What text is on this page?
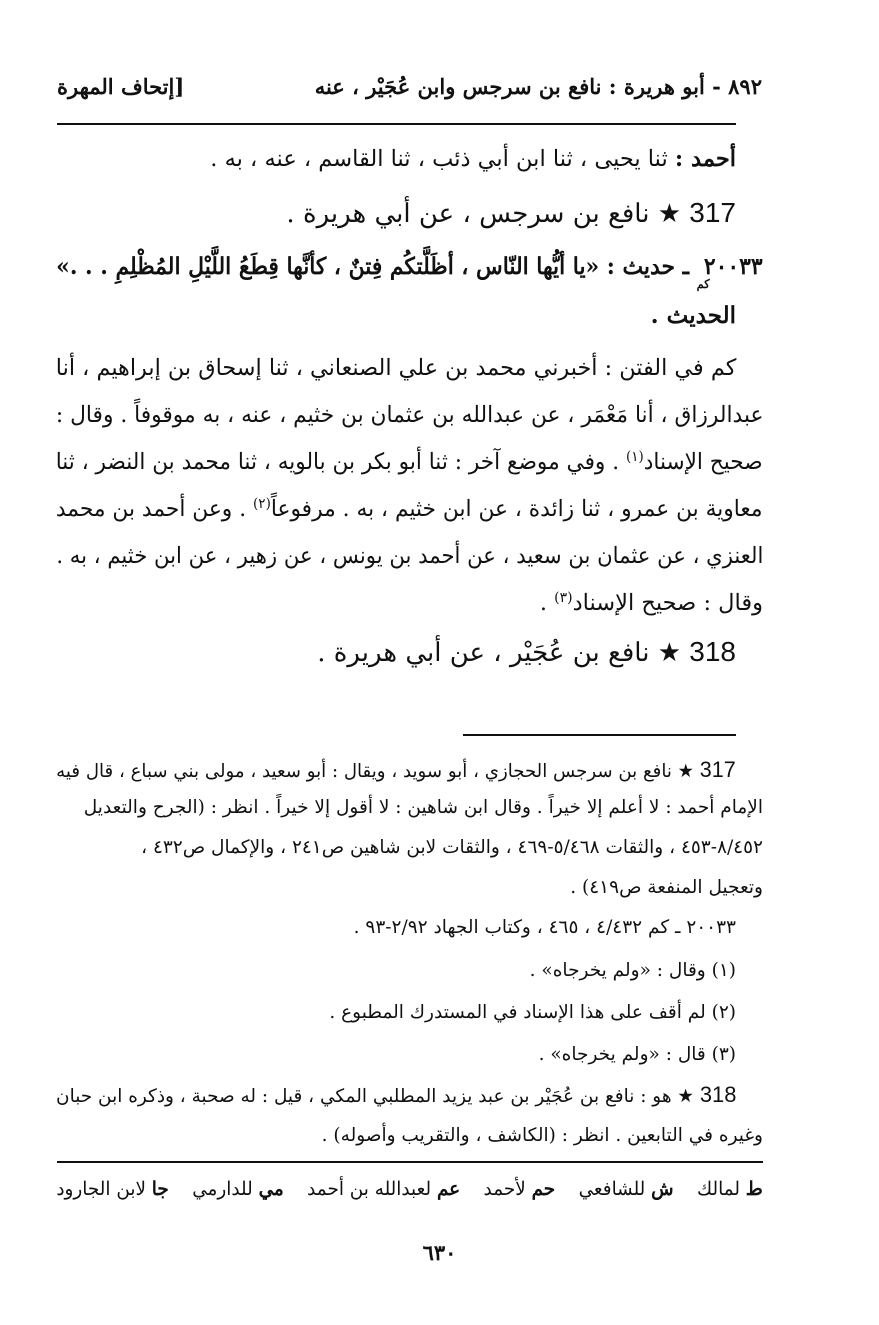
٨٩٢ - أبو هريرة : نافع بن سرجس وابن عُجَيْر ، عنه
[إتحاف المهرة
أحمد : ثنا يحيى ، ثنا ابن أبي ذئب ، ثنا القاسم ، عنه ، به .
317 ★ نافع بن سرجس ، عن أبي هريرة .
٢٠٠٣٣كم ـ حديث : «يا أيُّها النّاس ، أظَلَّتكُم فِتنٌ ، كأنَّها قِطَعُ اللَّيْلِ المُظْلِمِ . . .»
الحديث .
كم في الفتن : أخبرني محمد بن علي الصنعاني ، ثنا إسحاق بن إبراهيم ، أنا
عبدالرزاق ، أنا مَعْمَر ، عن عبدالله بن عثمان بن خثيم ، عنه ، به موقوفاً . وقال :
صحيح الإسناد$^{(١)}$ . وفي موضع آخر : ثنا أبو بكر بن بالويه ، ثنا محمد بن النضر ، ثنا
معاوية بن عمرو ، ثنا زائدة ، عن ابن خثيم ، به . مرفوعاً$^{(٢)}$ . وعن أحمد بن محمد
العنزي ، عن عثمان بن سعيد ، عن أحمد بن يونس ، عن زهير ، عن ابن خثيم ، به .
وقال : صحيح الإسناد$^{(٣)}$ .
318 ★ نافع بن عُجَيْر ، عن أبي هريرة .
317 ★ نافع بن سرجس الحجازي ، أبو سويد ، ويقال : أبو سعيد ، مولى بني سباع ، قال فيه
الإمام أحمد : لا أعلم إلا خيراً . وقال ابن شاهين : لا أقول إلا خيراً . انظر : (الجرح والتعديل
٨/٤٥٢-٤٥٣ ، والثقات ٥/٤٦٨-٤٦٩ ، والثقات لابن شاهين ص٢٤١ ، والإكمال ص٤٣٢ ،
وتعجيل المنفعة ص٤١٩) .
٢٠٠٣٣ ـ كم ٤/٤٣٢ ، ٤٦٥ ، وكتاب الجهاد ٢/٩٢-٩٣ .
(١) وقال : «ولم يخرجاه» .
(٢) لم أقف على هذا الإسناد في المستدرك المطبوع .
(٣) قال : «ولم يخرجاه» .
318 ★ هو : نافع بن عُجَيْر بن عبد يزيد المطلبي المكي ، قيل : له صحبة ، وذكره ابن حبان
وغيره في التابعين . انظر : (الكاشف ، والتقريب وأصوله) .
ط لمالك    ش للشافعي    حم لأحمد    عم لعبدالله بن أحمد    مي للدارمي    جا لابن الجارود
٦٣٠
